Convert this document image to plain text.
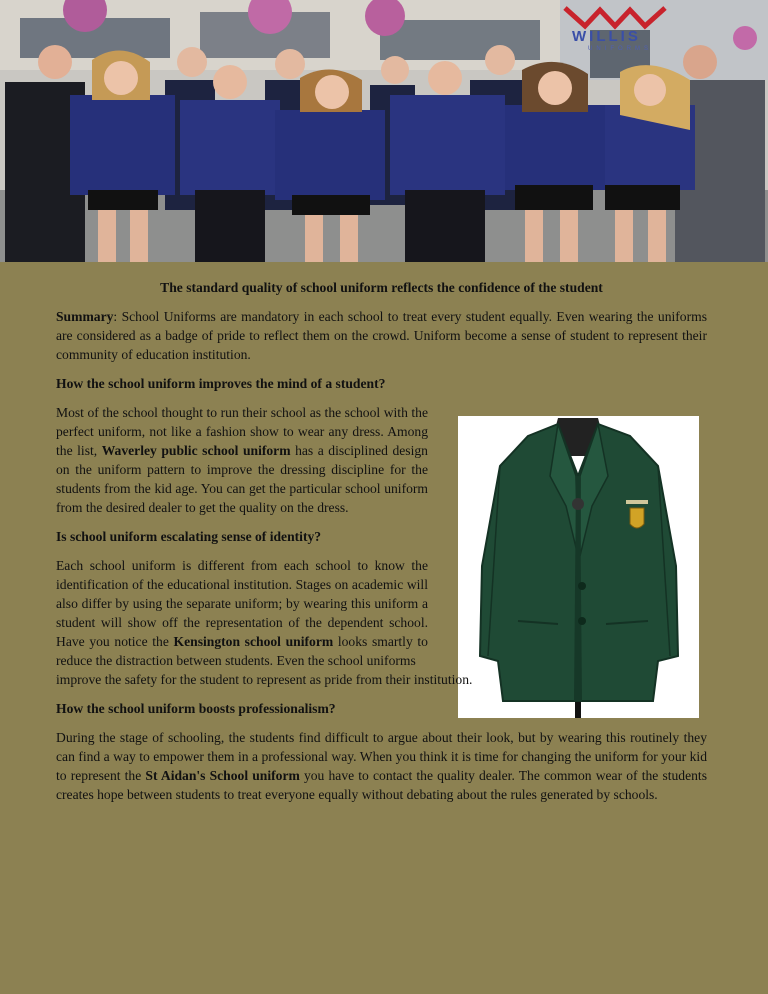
WILLIS
UNIFORMS
The standard quality of school uniform reflects the confidence of the student

Summary: School Uniforms are mandatory in each school to treat every student equally. Even wearing the uniforms are considered as a badge of pride to reflect them on the crowd. Uniform become a sense of student to represent their community of education institution.

How the school uniform improves the mind of a student?

Most of the school thought to run their school as the school with the perfect uniform, not like a fashion show to wear any dress. Among the list, Waverley public school uniform has a disciplined design on the uniform pattern to improve the dressing discipline for the students from the kid age. You can get the particular school uniform from the desired dealer to get the quality on the dress.

Is school uniform escalating sense of identity?

Each school uniform is different from each school to know the identification of the educational institution. Stages on academic will also differ by using the separate uniform; by wearing this uniform a student will show off the representation of the dependent school. Have you notice the Kensington school uniform looks smartly to reduce the distraction between students. Even the school uniforms
improve the safety for the student to represent as pride from their institution.

How the school uniform boosts professionalism?

During the stage of schooling, the students find difficult to argue about their look, but by wearing this routinely they can find a way to empower them in a professional way. When you think it is time for changing the uniform for your kid to represent the St Aidan's School uniform you have to contact the quality dealer. The common wear of the students creates hope between students to treat everyone equally without debating about the rules generated by schools.
